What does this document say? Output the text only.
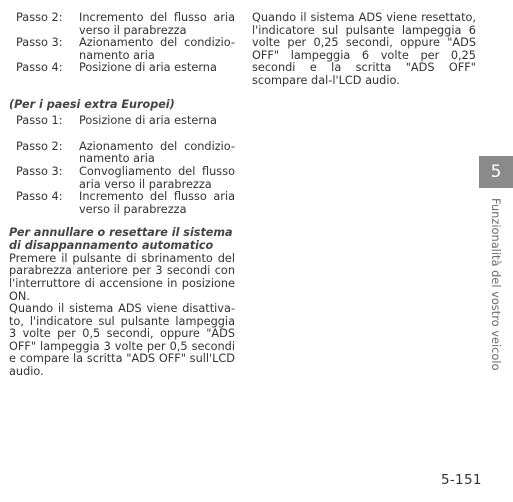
Passo 2:	Incremento del flusso aria verso il parabrezza
Passo 3:	Azionamento del condizio-namento aria
Passo 4:	Posizione di aria esterna
(Per i paesi extra Europei)
Passo 1:	Posizione di aria esterna
Passo 2:	Azionamento del condizio-namento aria
Passo 3:	Convogliamento del flusso aria verso il parabrezza
Passo 4:	Incremento del flusso aria verso il parabrezza
Per annullare o resettare il sistema di disappannamento automatico

Premere il pulsante di sbrinamento del parabrezza anteriore per 3 secondi con l'interruttore di accensione in posizione ON.

Quando il sistema ADS viene disattiva-to, l'indicatore sul pulsante lampeggia 3 volte per 0,5 secondi, oppure "ADS OFF" lampeggia 3 volte per 0,5 secondi e compare la scritta "ADS OFF" sull'LCD audio.

Quando il sistema ADS viene resettato, l'indicatore sul pulsante lampeggia 6 volte per 0,25 secondi, oppure "ADS OFF" lampeggia 6 volte per 0,25 secondi e la scritta "ADS OFF" scompare dal-l'LCD audio.

5
Funzionalità del vostro veicolo
5-151
